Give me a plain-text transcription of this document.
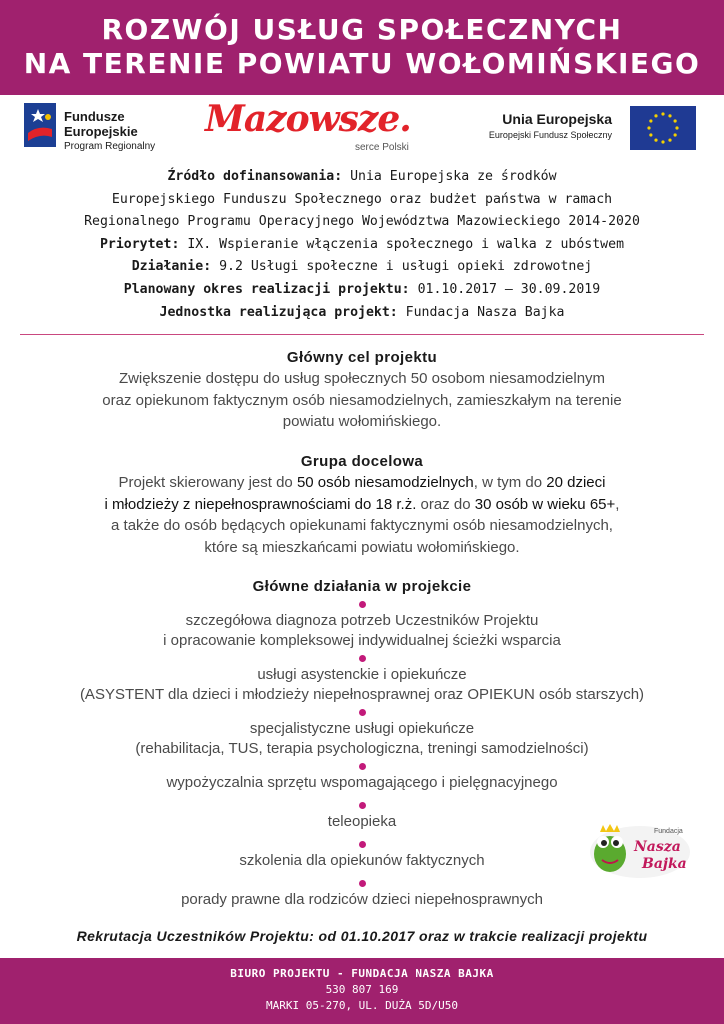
ROZWÓJ USŁUG SPOŁECZNYCH
NA TERENIE POWIATU WOŁOMIŃSKIEGO
Fundusze
Europejskie
Program Regionalny
Mazowsze.
serce Polski
Unia Europejska
Europejski Fundusz Społeczny
Źródło dofinansowania: Unia Europejska ze środków
Europejskiego Funduszu Społecznego oraz budżet państwa w ramach
Regionalnego Programu Operacyjnego Województwa Mazowieckiego 2014-2020
Priorytet: IX. Wspieranie włączenia społecznego i walka z ubóstwem
Działanie: 9.2 Usługi społeczne i usługi opieki zdrowotnej
Planowany okres realizacji projektu: 01.10.2017 – 30.09.2019
Jednostka realizująca projekt: Fundacja Nasza Bajka
Główny cel projektu

Zwiększenie dostępu do usług społecznych 50 osobom niesamodzielnym

oraz opiekunom faktycznym osób niesamodzielnych, zamieszkałym na terenie

powiatu wołomińskiego.

Grupa docelowa

Projekt skierowany jest do 50 osób niesamodzielnych, w tym do 20 dzieci

i młodzieży z niepełnosprawnościami do 18 r.ż. oraz do 30 osób w wieku 65+,

a także do osób będących opiekunami faktycznymi osób niesamodzielnych,

które są mieszkańcami powiatu wołomińskiego.

Główne działania w projekcie
szczegółowa diagnoza potrzeb Uczestników Projektu
i opracowanie kompleksowej indywidualnej ścieżki wsparcia
usługi asystenckie i opiekuńcze
(ASYSTENT dla dzieci i młodzieży niepełnosprawnej oraz OPIEKUN osób starszych)
specjalistyczne usługi opiekuńcze
(rehabilitacja, TUS, terapia psychologiczna, treningi samodzielności)
wypożyczalnia sprzętu wspomagającego i pielęgnacyjnego
teleopieka
szkolenia dla opiekunów faktycznych
porady prawne dla rodziców dzieci niepełnosprawnych
Fundacja
Nasza
Bajka
Rekrutacja Uczestników Projektu: od 01.10.2017 oraz w trakcie realizacji projektu
BIURO PROJEKTU - FUNDACJA NASZA BAJKA
530 807 169
MARKI 05-270, UL. DUŻA 5D/U50
